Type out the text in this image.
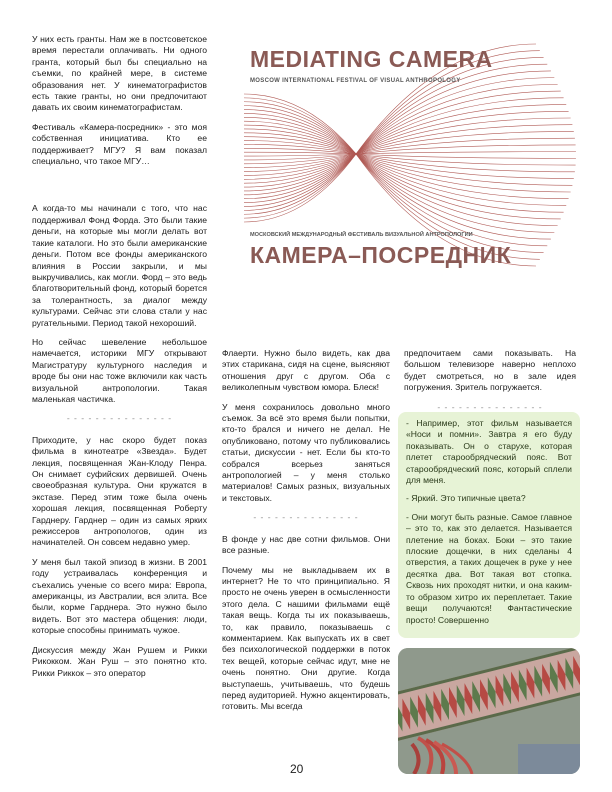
У них есть гранты. Нам же в постсоветское время перестали оплачивать. Ни одного гранта, который был бы специально на съемки, по крайней мере, в системе образования нет. У кинематографистов есть такие гранты, но они предпочитают давать их своим кинематографистам.

Фестиваль «Камера-посредник» - это моя собственная инициатива. Кто ее поддерживает? МГУ? Я вам показал специально, что такое МГУ…

А когда-то мы начинали с того, что нас поддерживал Фонд Форда. Это были такие деньги, на которые мы могли делать вот такие каталоги. Но это были американские деньги. Потом все фонды американского влияния в России закрыли, и мы выкручивались, как могли. Форд – это ведь благотворительный фонд, который борется за толерантность, за диалог между культурами. Сейчас эти слова стали у нас ругательными. Период такой нехороший.

Но сейчас шевеление небольшое намечается, историки МГУ открывают Магистратуру культурного наследия и вроде бы они нас тоже включили как часть визуальной антропологии. Такая маленькая частичка.

- - - - - - - - - - - - - - -

Приходите, у нас скоро будет показ фильма в кинотеатре «Звезда». Будет лекция, посвященная Жан-Клоду Пенра. Он снимает суфийских дервишей. Очень своеобразная культура. Они кружатся в экстазе. Перед этим тоже была очень хорошая лекция, посвященная Роберту Гарднеру. Гарднер – один из самых ярких режиссеров антропологов, один из начинателей. Он совсем недавно умер.

У меня был такой эпизод в жизни. В 2001 году устраивалась конференция и съехались ученые со всего мира: Европа, американцы, из Австралии, вся элита. Все были, корме Гарднера. Это нужно было видеть. Вот это мастера общения: люди, которые способны принимать чужое.

Дискуссия между Жан Рушем и Рикки Рикокком. Жан Руш – это понятно кто. Рикки Риккок – это оператор

MEDIATING CAMERA
MOSCOW INTERNATIONAL FESTIVAL OF VISUAL ANTHROPOLOGY
МОСКОВСКИЙ МЕЖДУНАРОДНЫЙ ФЕСТИВАЛЬ ВИЗУАЛЬНОЙ АНТРОПОЛОГИИ
КАМЕРА–ПОСРЕДНИК

Флаерти. Нужно было видеть, как два этих старикана, сидя на сцене, выясняют отношения друг с другом. Оба с великолепным чувством юмора. Блеск!

У меня сохранилось довольно много съемок. За всё это время были попытки, кто-то брался и ничего не делал. Не опубликовано, потому что публиковались статьи, дискуссии - нет. Если бы кто-то собрался всерьез заняться антропологией – у меня столько материалов! Самых разных, визуальных и текстовых.

- - - - - - - - - - - - - - -

В фонде у нас две сотни фильмов. Они все разные.

Почему мы не выкладываем их в интернет? Не то что принципиально. Я просто не очень уверен в осмысленности этого дела. С нашими фильмами ещё такая вещь. Когда ты их показываешь, то, как правило, показываешь с комментарием. Как выпускать их в свет без психологической поддержки в поток тех вещей, которые сейчас идут, мне не очень понятно. Они другие. Когда выступаешь, учитываешь, что будешь перед аудиторией. Нужно акцентировать, готовить. Мы всегда

предпочитаем сами показывать. На большом телевизоре наверно неплохо будет смотреться, но в зале идея погружения. Зритель погружается.

- - - - - - - - - - - - - - -

- Например, этот фильм называется «Носи и помни». Завтра я его буду показывать. Он о старухе, которая плетет старообрядческий пояс. Вот старообрядческий пояс, который сплели для меня.

- Яркий. Это типичные цвета?

- Они могут быть разные. Самое главное – это то, как это делается. Называется плетение на боках. Боки – это такие плоские дощечки, в них сделаны 4 отверстия, а таких дощечек в руке у нее десятка два. Вот такая вот стопка. Сквозь них проходят нитки, и она каким-то образом хитро их переплетает. Такие вещи получаются! Фантастические просто! Совершенно

20
